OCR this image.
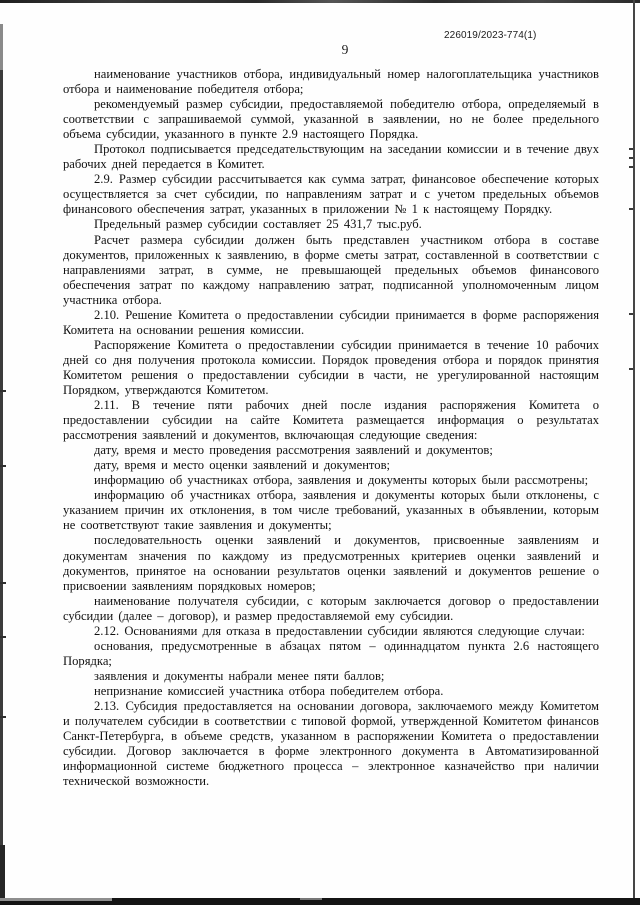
226019/2023-774(1)
9

наименование участников отбора, индивидуальный номер налогоплательщика участников отбора и наименование победителя отбора;

рекомендуемый размер субсидии, предоставляемой победителю отбора, определяемый в соответствии с запрашиваемой суммой, указанной в заявлении, но не более предельного объема субсидии, указанного в пункте 2.9 настоящего Порядка.

Протокол подписывается председательствующим на заседании комиссии и в течение двух рабочих дней передается в Комитет.

2.9. Размер субсидии рассчитывается как сумма затрат, финансовое обеспечение которых осуществляется за счет субсидии, по направлениям затрат и с учетом предельных объемов финансового обеспечения затрат, указанных в приложении № 1 к настоящему Порядку.

Предельный размер субсидии составляет 25 431,7 тыс.руб.

Расчет размера субсидии должен быть представлен участником отбора в составе документов, приложенных к заявлению, в форме сметы затрат, составленной в соответствии с направлениями затрат, в сумме, не превышающей предельных объемов финансового обеспечения затрат по каждому направлению затрат, подписанной уполномоченным лицом участника отбора.

2.10. Решение Комитета о предоставлении субсидии принимается в форме распоряжения Комитета на основании решения комиссии.

Распоряжение Комитета о предоставлении субсидии принимается в течение 10 рабочих дней со дня получения протокола комиссии. Порядок проведения отбора и порядок принятия Комитетом решения о предоставлении субсидии в части, не урегулированной настоящим Порядком, утверждаются Комитетом.

2.11. В течение пяти рабочих дней после издания распоряжения Комитета о предоставлении субсидии на сайте Комитета размещается информация о результатах рассмотрения заявлений и документов, включающая следующие сведения:

дату, время и место проведения рассмотрения заявлений и документов;

дату, время и место оценки заявлений и документов;

информацию об участниках отбора, заявления и документы которых были рассмотрены;

информацию об участниках отбора, заявления и документы которых были отклонены, с указанием причин их отклонения, в том числе требований, указанных в объявлении, которым не соответствуют такие заявления и документы;

последовательность оценки заявлений и документов, присвоенные заявлениям и документам значения по каждому из предусмотренных критериев оценки заявлений и документов, принятое на основании результатов оценки заявлений и документов решение о присвоении заявлениям порядковых номеров;

наименование получателя субсидии, с которым заключается договор о предоставлении субсидии (далее – договор), и размер предоставляемой ему субсидии.

2.12. Основаниями для отказа в предоставлении субсидии являются следующие случаи:

основания, предусмотренные в абзацах пятом – одиннадцатом пункта 2.6 настоящего Порядка;

заявления и документы набрали менее пяти баллов;

непризнание комиссией участника отбора победителем отбора.

2.13. Субсидия предоставляется на основании договора, заключаемого между Комитетом и получателем субсидии в соответствии с типовой формой, утвержденной Комитетом финансов Санкт-Петербурга, в объеме средств, указанном в распоряжении Комитета о предоставлении субсидии. Договор заключается в форме электронного документа в Автоматизированной информационной системе бюджетного процесса – электронное казначейство при наличии технической возможности.
